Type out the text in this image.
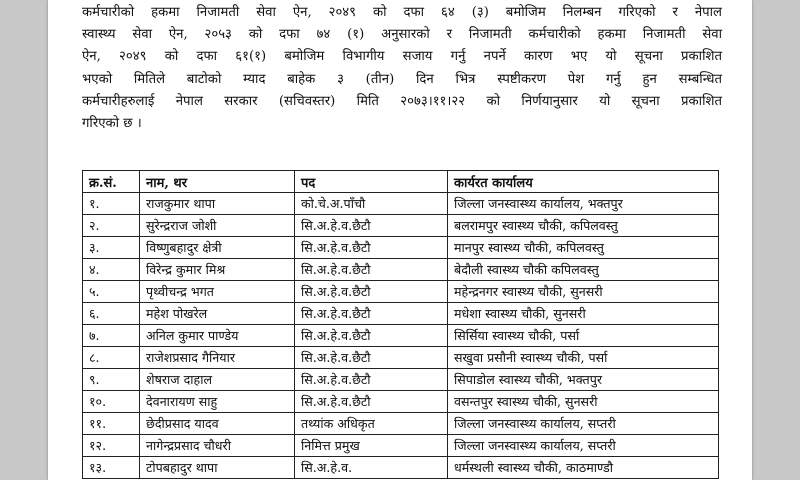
कर्मचारीको हकमा निजामती सेवा ऐन, २०४९ को दफा ६४ (३) बमोजिम निलम्बन गरिएको र नेपाल
स्वास्थ्य सेवा ऐन, २०५३ को दफा ७४ (१) अनुसारको र निजामती कर्मचारीको हकमा निजामती सेवा
ऐन, २०४९ को दफा ६१(१) बमोजिम विभागीय सजाय गर्नु नपर्ने कारण भए यो सूचना प्रकाशित
भएको मितिले बाटोको म्याद बाहेक ३ (तीन) दिन भित्र स्पष्टीकरण पेश गर्नु हुन सम्बन्धित
कर्मचारीहरुलाई नेपाल सरकार (सचिवस्तर) मिति २०७३।११।२२ को निर्णयानुसार यो सूचना प्रकाशित
गरिएको छ ।

क्र.सं.	नाम, थर	पद	कार्यरत कार्यालय
१.	राजकुमार थापा	को.चे.अ.पाँचौ	जिल्ला जनस्वास्थ्य कार्यालय, भक्तपुर
२.	सुरेन्द्रराज जोशी	सि.अ.हे.व.छैटौ	बलरामपुर स्वास्थ्य चौकी, कपिलवस्तु
३.	विष्णुबहादुर क्षेत्री	सि.अ.हे.व.छैटौ	मानपुर स्वास्थ्य चौकी, कपिलवस्तु
४.	विरेन्द्र कुमार मिश्र	सि.अ.हे.व.छैटौ	बेदौली स्वास्थ्य चौकी कपिलवस्तु
५.	पृथ्वीचन्द्र भगत	सि.अ.हे.व.छैटौ	महेन्द्रनगर स्वास्थ्य चौकी, सुनसरी
६.	महेश पोखरेल	सि.अ.हे.व.छैटौ	मधेशा स्वास्थ्य चौकी, सुनसरी
७.	अनिल कुमार पाण्डेय	सि.अ.हे.व.छैटौ	सिर्सिया स्वास्थ्य चौकी, पर्सा
८.	राजेशप्रसाद गैनियार	सि.अ.हे.व.छैटौ	सखुवा प्रसौनी स्वास्थ्य चौकी, पर्सा
९.	शेषराज दाहाल	सि.अ.हे.व.छैटौ	सिपाडोल स्वास्थ्य चौकी, भक्तपुर
१०.	देवनारायण साहु	सि.अ.हे.व.छैटौ	वसन्तपुर स्वास्थ्य चौकी, सुनसरी
११.	छेदीप्रसाद यादव	तथ्यांक अधिकृत	जिल्ला जनस्वास्थ्य कार्यालय, सप्तरी
१२.	नागेन्द्रप्रसाद चौधरी	निमित्त प्रमुख	जिल्ला जनस्वास्थ्य कार्यालय, सप्तरी
१३.	टोपबहादुर थापा	सि.अ.हे.व.	धर्मस्थली स्वास्थ्य चौकी, काठमाण्डौ
